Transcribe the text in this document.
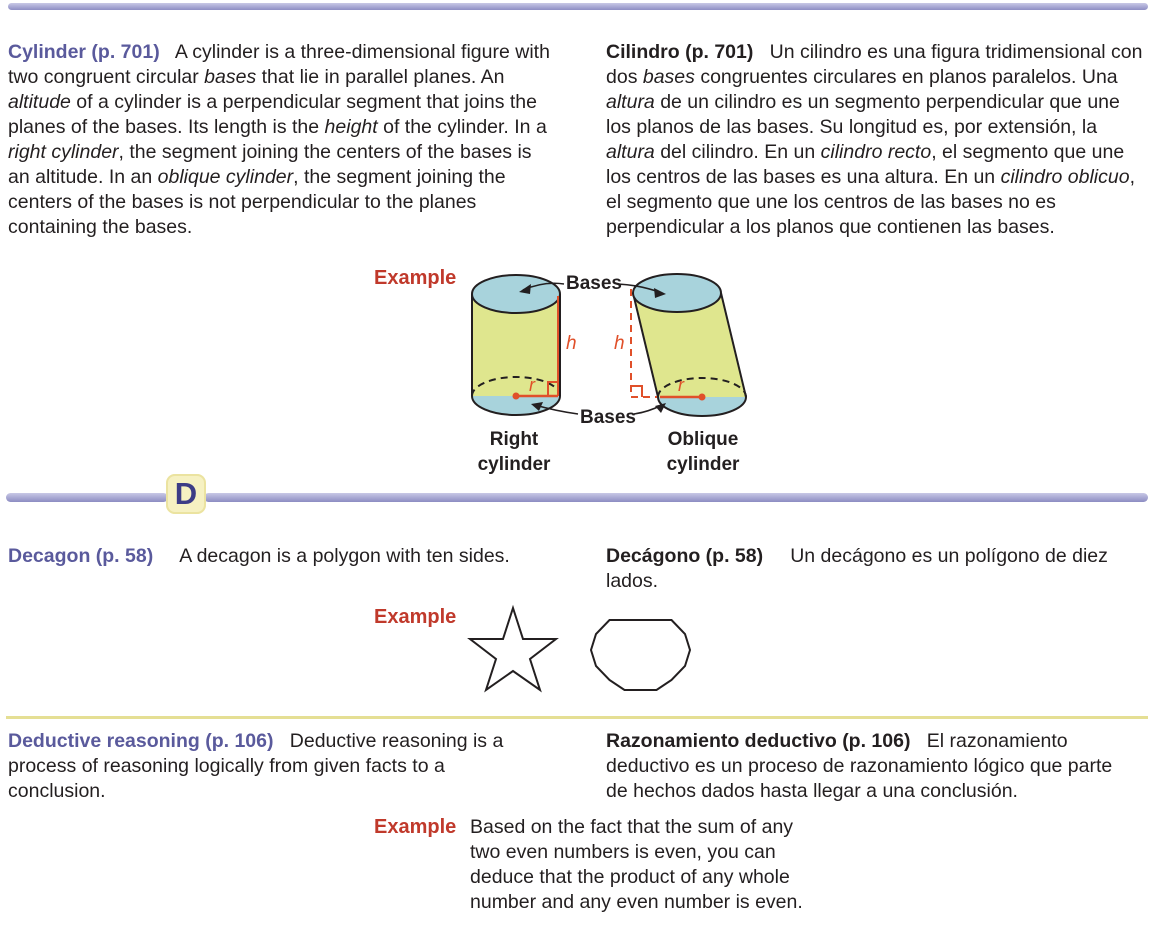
Cylinder (p. 701) A cylinder is a three-dimensional figure with two congruent circular bases that lie in parallel planes. An altitude of a cylinder is a perpendicular segment that joins the planes of the bases. Its length is the height of the cylinder. In a right cylinder, the segment joining the centers of the bases is an altitude. In an oblique cylinder, the segment joining the centers of the bases is not perpendicular to the planes containing the bases.
Cilindro (p. 701) Un cilindro es una figura tridimensional con dos bases congruentes circulares en planos paralelos. Una altura de un cilindro es un segmento perpendicular que une los planos de las bases. Su longitud es, por extensión, la altura del cilindro. En un cilindro recto, el segmento que une los centros de las bases es una altura. En un cilindro oblicuo, el segmento que une los centros de las bases no es perpendicular a los planos que contienen las bases.
Example	Bases
Bases
h h
r	r
Right
cylinder
Oblique
cylinder
D
Decagon (p. 58) A decagon is a polygon with ten sides.	Decágono (p. 58) Un decágono es un polígono de diez lados.
Example
Deductive reasoning (p. 106) Deductive reasoning is a process of reasoning logically from given facts to a conclusion.
Razonamiento deductivo (p. 106) El razonamiento deductivo es un proceso de razonamiento lógico que parte de hechos dados hasta llegar a una conclusión.
Example Based on the fact that the sum of any two even numbers is even, you can deduce that the product of any whole number and any even number is even.
